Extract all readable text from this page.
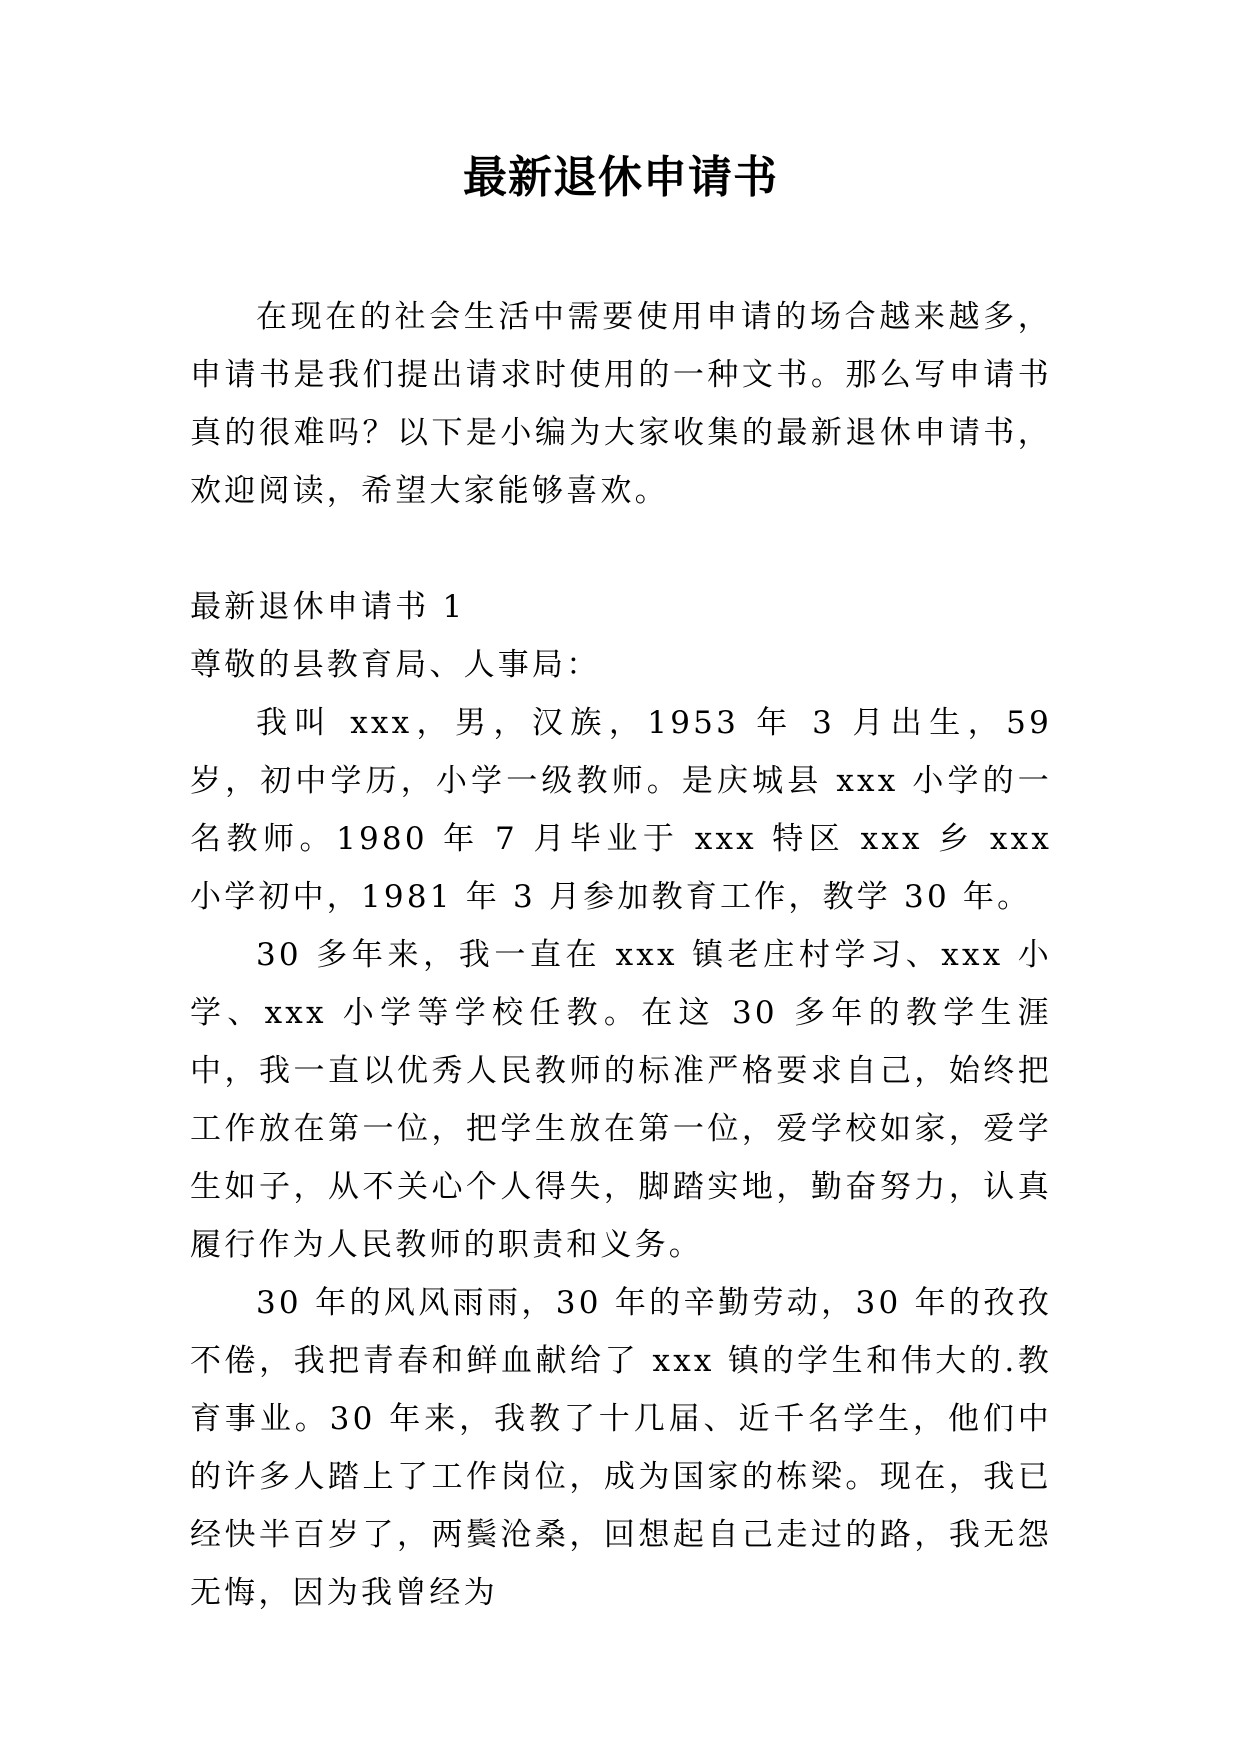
最新退休申请书

在现在的社会生活中需要使用申请的场合越来越多，申请书是我们提出请求时使用的一种文书。那么写申请书真的很难吗？以下是小编为大家收集的最新退休申请书，欢迎阅读，希望大家能够喜欢。

最新退休申请书 1

尊敬的县教育局、人事局：

我叫 xxx，男，汉族，1953 年 3 月出生，59 岁，初中学历，小学一级教师。是庆城县 xxx 小学的一名教师。1980 年 7 月毕业于 xxx 特区 xxx 乡 xxx 小学初中，1981 年 3 月参加教育工作，教学 30 年。

30 多年来，我一直在 xxx 镇老庄村学习、xxx 小学、xxx 小学等学校任教。在这 30 多年的教学生涯中，我一直以优秀人民教师的标准严格要求自己，始终把工作放在第一位，把学生放在第一位，爱学校如家，爱学生如子，从不关心个人得失，脚踏实地，勤奋努力，认真履行作为人民教师的职责和义务。

30 年的风风雨雨，30 年的辛勤劳动，30 年的孜孜不倦，我把青春和鲜血献给了 xxx 镇的学生和伟大的.教育事业。30 年来，我教了十几届、近千名学生，他们中的许多人踏上了工作岗位，成为国家的栋梁。现在，我已经快半百岁了，两鬓沧桑，回想起自己走过的路，我无怨无悔，因为我曾经为
